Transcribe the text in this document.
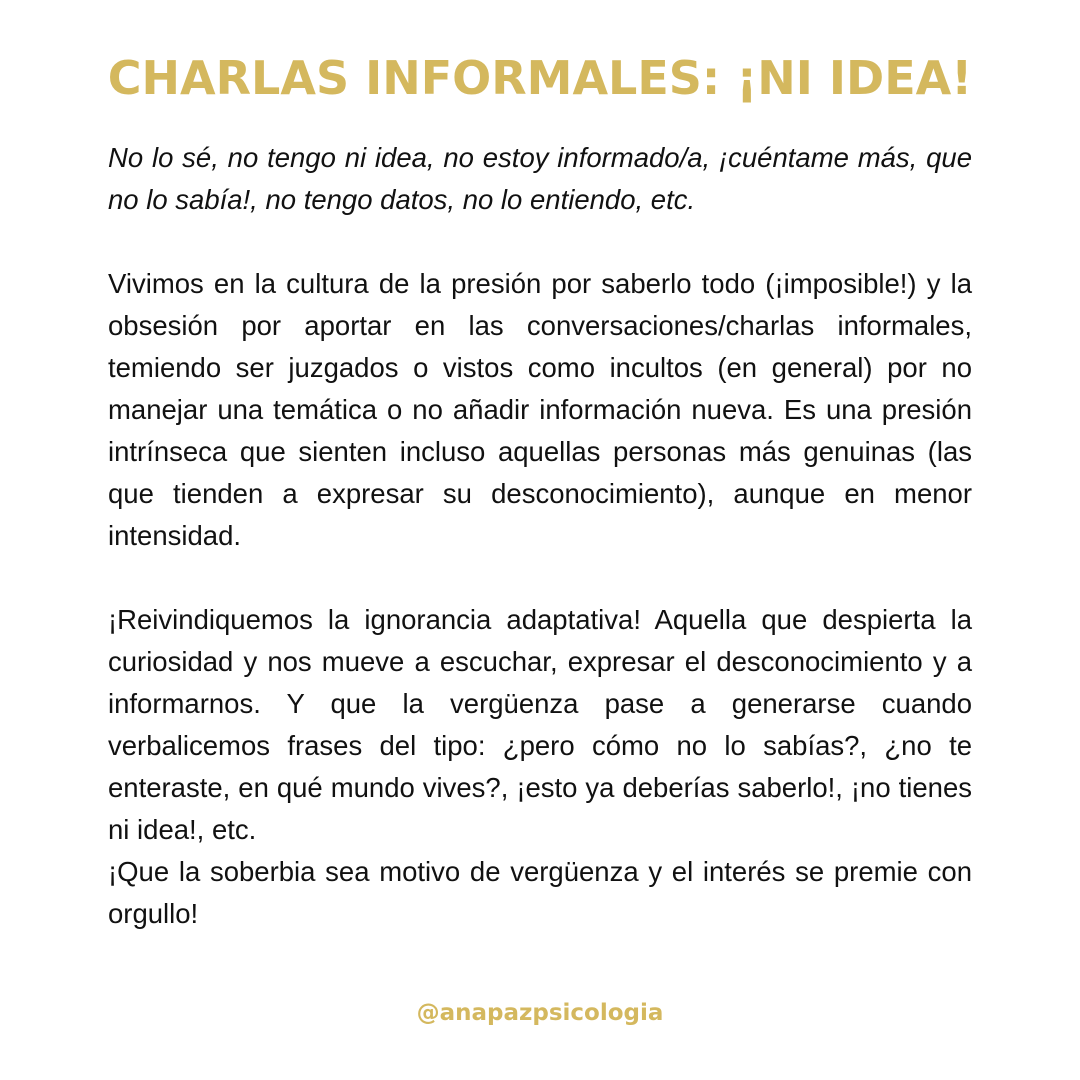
CHARLAS INFORMALES: ¡NI IDEA!

No lo sé, no tengo ni idea, no estoy informado/a, ¡cuéntame más, que no lo sabía!, no tengo datos, no lo entiendo, etc.

Vivimos en la cultura de la presión por saberlo todo (¡imposible!) y la obsesión por aportar en las conversaciones/charlas informales, temiendo ser juzgados o vistos como incultos (en general) por no manejar una temática o no añadir información nueva. Es una presión intrínseca que sienten incluso aquellas personas más genuinas (las que tienden a expresar su desconocimiento), aunque en menor intensidad.

¡Reivindiquemos la ignorancia adaptativa! Aquella que despierta la curiosidad y nos mueve a escuchar, expresar el desconocimiento y a informarnos. Y que la vergüenza pase a generarse cuando verbalicemos frases del tipo: ¿pero cómo no lo sabías?, ¿no te enteraste, en qué mundo vives?, ¡esto ya deberías saberlo!, ¡no tienes ni idea!, etc.

¡Que la soberbia sea motivo de vergüenza y el interés se premie con orgullo!

@anapazpsicologia
